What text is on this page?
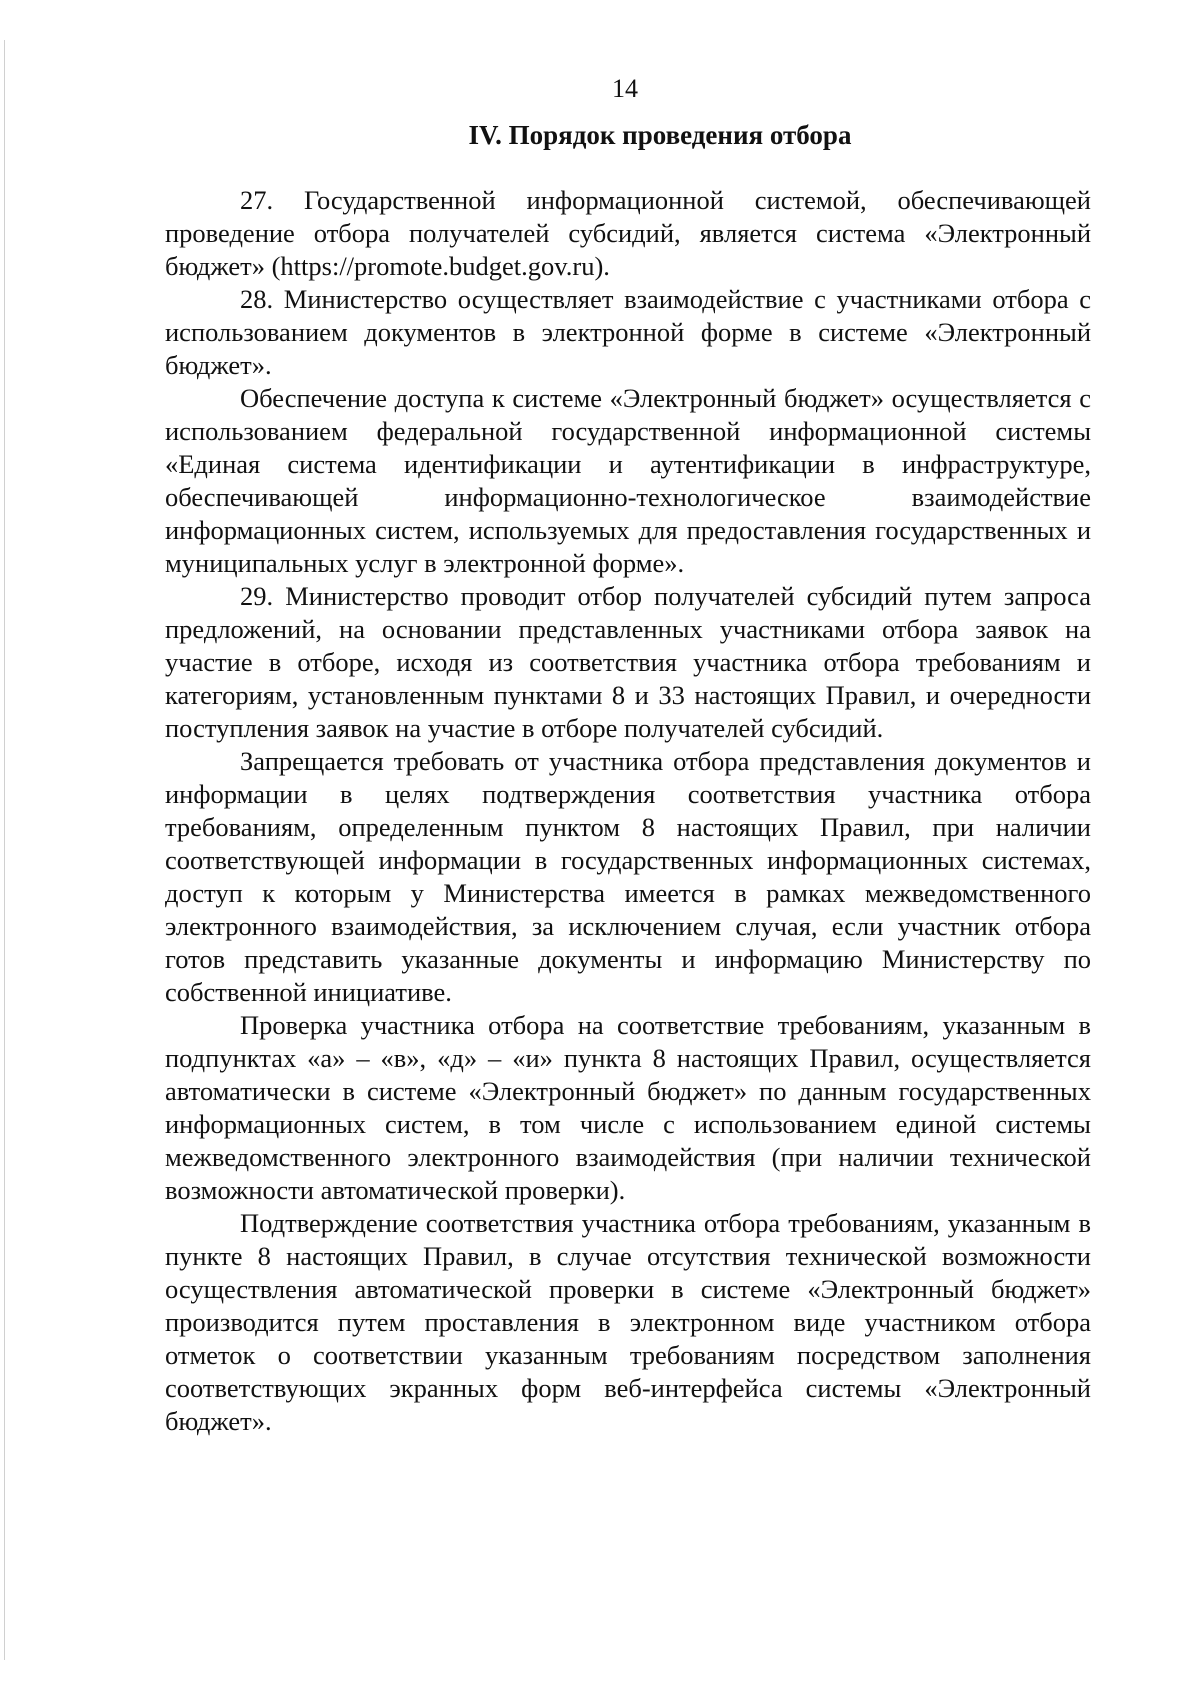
14
IV. Порядок проведения отбора

27. Государственной информационной системой, обеспечивающей проведение отбора получателей субсидий, является система «Электронный бюджет» (https://promote.budget.gov.ru).

28. Министерство осуществляет взаимодействие с участниками отбора с использованием документов в электронной форме в системе «Электронный бюджет».

Обеспечение доступа к системе «Электронный бюджет» осуществляется с использованием федеральной государственной информационной системы «Единая система идентификации и аутентификации в инфраструктуре, обеспечивающей информационно-технологическое взаимодействие информационных систем, используемых для предоставления государственных и муниципальных услуг в электронной форме».

29. Министерство проводит отбор получателей субсидий путем запроса предложений, на основании представленных участниками отбора заявок на участие в отборе, исходя из соответствия участника отбора требованиям и категориям, установленным пунктами 8 и 33 настоящих Правил, и очередности поступления заявок на участие в отборе получателей субсидий.

Запрещается требовать от участника отбора представления документов и информации в целях подтверждения соответствия участника отбора требованиям, определенным пунктом 8 настоящих Правил, при наличии соответствующей информации в государственных информационных системах, доступ к которым у Министерства имеется в рамках межведомственного электронного взаимодействия, за исключением случая, если участник отбора готов представить указанные документы и информацию Министерству по собственной инициативе.

Проверка участника отбора на соответствие требованиям, указанным в подпунктах «а» – «в», «д» – «и» пункта 8 настоящих Правил, осуществляется автоматически в системе «Электронный бюджет» по данным государственных информационных систем, в том числе с использованием единой системы межведомственного электронного взаимодействия (при наличии технической возможности автоматической проверки).

Подтверждение соответствия участника отбора требованиям, указанным в пункте 8 настоящих Правил, в случае отсутствия технической возможности осуществления автоматической проверки в системе «Электронный бюджет» производится путем проставления в электронном виде участником отбора отметок о соответствии указанным требованиям посредством заполнения соответствующих экранных форм веб-интерфейса системы «Электронный бюджет».
